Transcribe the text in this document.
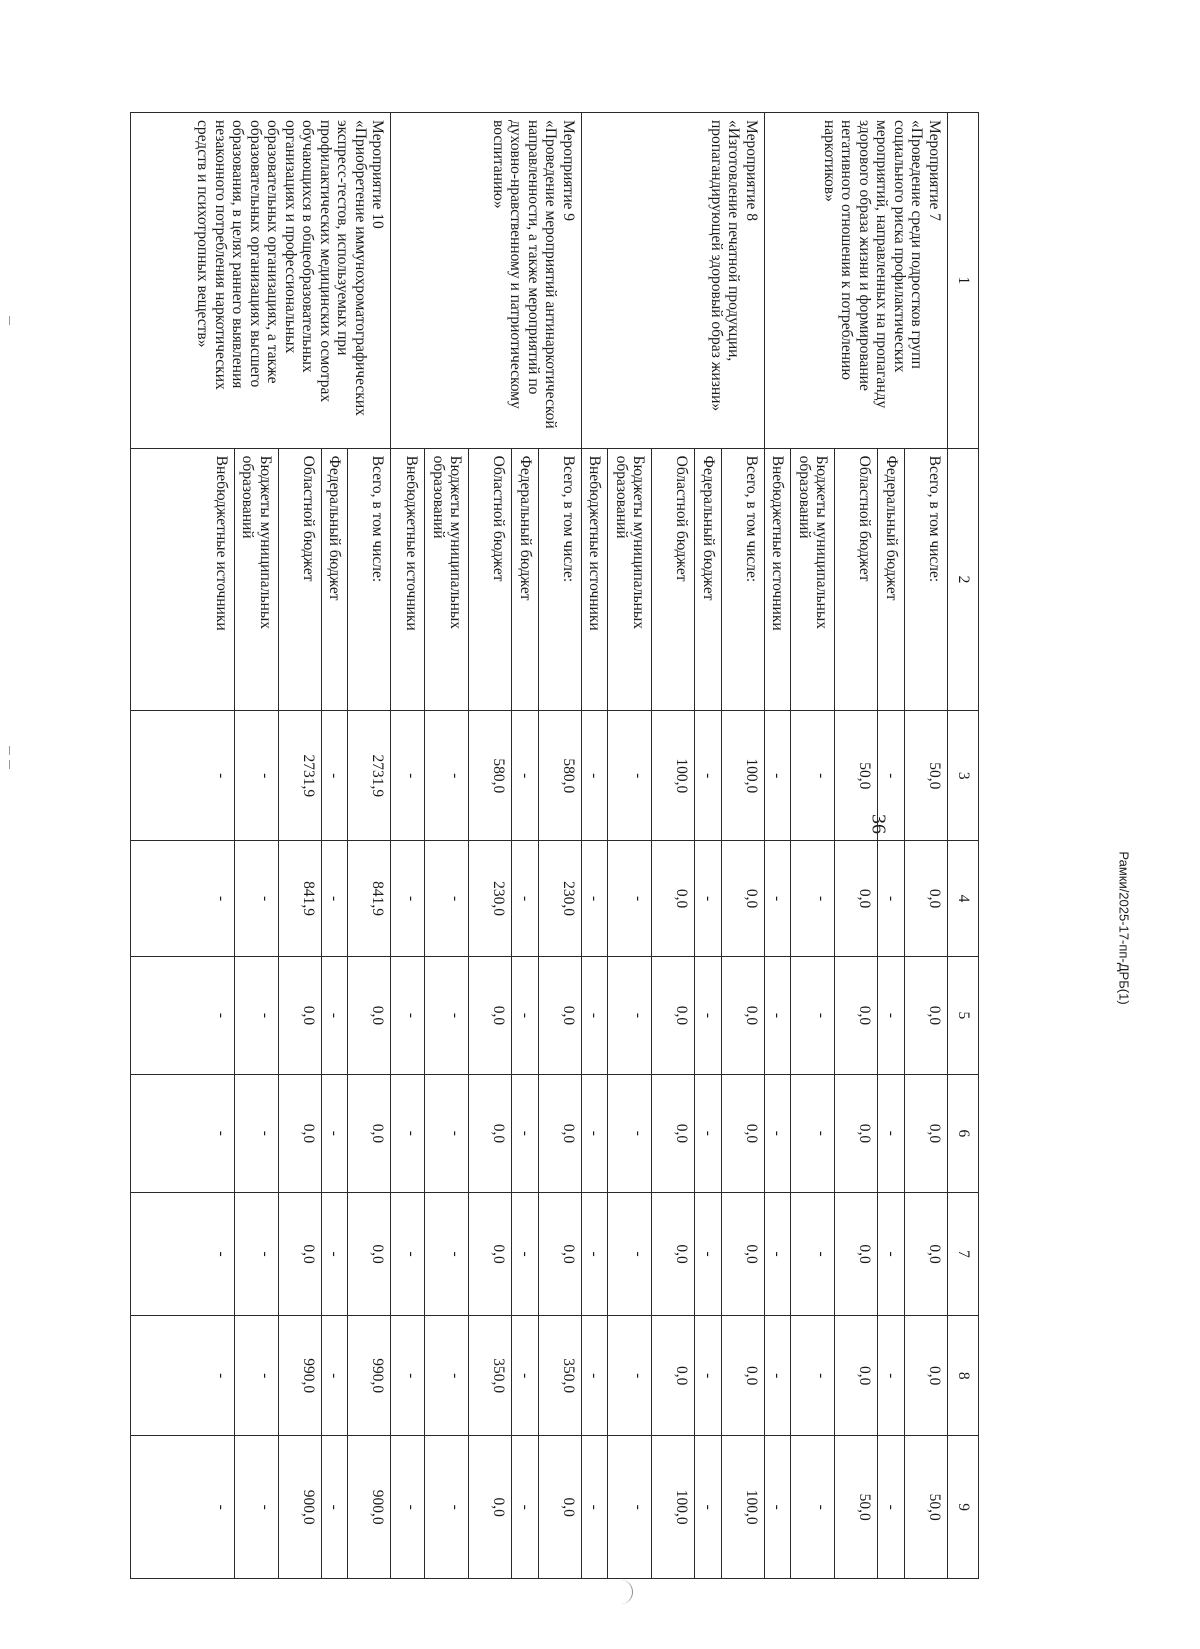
36
Рамки/2025-17-пп-ДРБ(1)
1	2	3	4	5	6	7	8	9

Мероприятие 7
«Проведение среди подростков групп социального риска профилактических мероприятий, направленных на пропаганду здорового образа жизни и формирование негативного отношения к потреблению наркотиков»	Всего, в том числе:	50,0	0,0	0,0	0,0	0,0	0,0	50,0
	Федеральный бюджет	-	-	-	-	-	-	-
	Областной бюджет	50,0	0,0	0,0	0,0	0,0	0,0	50,0
	Бюджеты муниципальных образований	-	-	-	-	-	-	-
	Внебюджетные источники	-	-	-	-	-	-	-

Мероприятие 8
«Изготовление печатной продукции, пропагандирующей здоровый образ жизни»	Всего, в том числе:	100,0	0,0	0,0	0,0	0,0	0,0	100,0
	Федеральный бюджет	-	-	-	-	-	-	-
	Областной бюджет	100,0	0,0	0,0	0,0	0,0	0,0	100,0
	Бюджеты муниципальных образований	-	-	-	-	-	-	-
	Внебюджетные источники	-	-	-	-	-	-	-

Мероприятие 9
«Проведение мероприятий антинаркотической направленности, а также мероприятий по духовно-нравственному и патриотическому воспитанию»	Всего, в том числе:	580,0	230,0	0,0	0,0	0,0	350,0	0,0
	Федеральный бюджет	-	-	-	-	-	-	-
	Областной бюджет	580,0	230,0	0,0	0,0	0,0	350,0	0,0
	Бюджеты муниципальных образований	-	-	-	-	-	-	-
	Внебюджетные источники	-	-	-	-	-	-	-

Мероприятие 10
«Приобретение иммунохроматографических экспресс-тестов, используемых при профилактических медицинских осмотрах обучающихся в общеобразовательных организациях и профессиональных образовательных организациях, а также образовательных организациях высшего образования, в целях раннего выявления незаконного потребления наркотических средств и психотропных веществ»	Всего, в том числе:	2731,9	841,9	0,0	0,0	0,0	990,0	900,0
	Федеральный бюджет	-	-	-	-	-	-	-
	Областной бюджет	2731,9	841,9	0,0	0,0	0,0	990,0	900,0
	Бюджеты муниципальных образований	-	-	-	-	-	-	-
	Внебюджетные источники	-	-	-	-	-	-	-
